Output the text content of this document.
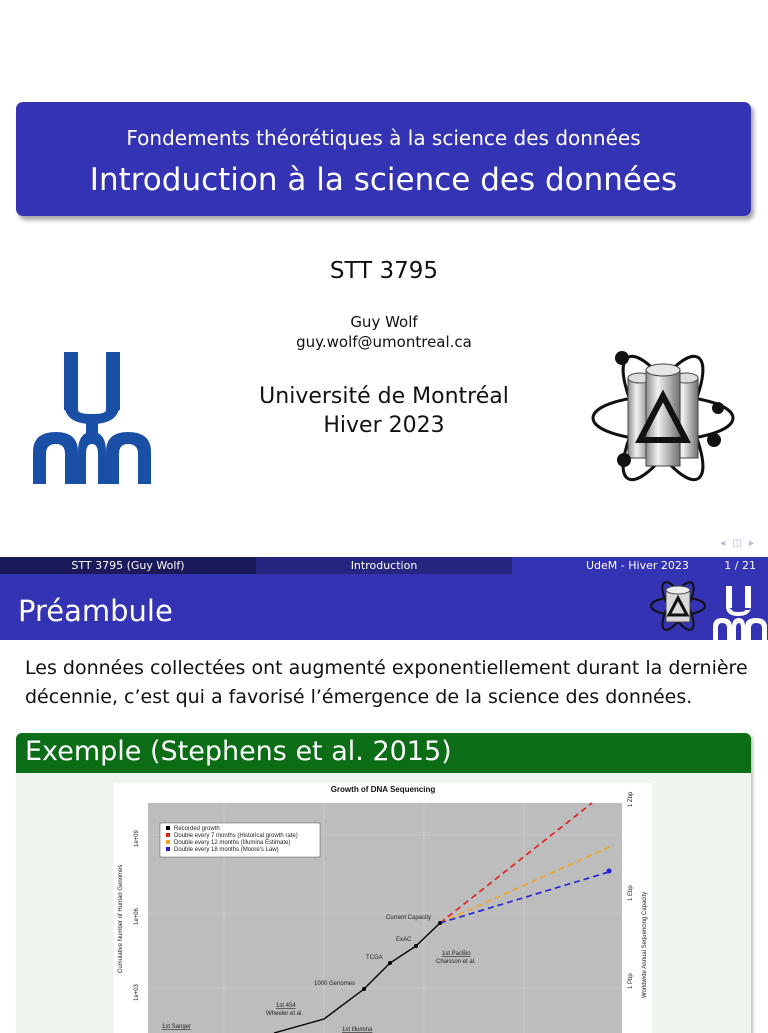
Fondements théorétiques à la science des données
Introduction à la science des données
STT 3795
Guy Wolf
guy.wolf@umontreal.ca
Université de Montréal
Hiver 2023
◂ ◫ ▸
STT 3795 (Guy Wolf)	Introduction	UdeM - Hiver 2023	1 / 21
Préambule
Les données collectées ont augmenté exponentiellement durant la dernière décennie, c’est qui a favorisé l’émergence de la science des données.
Exemple (Stephens et al. 2015)
Growth of DNA Sequencing
Recorded growth
Double every 7 months (Historical growth rate)
Double every 12 months (Illumina Estimate)
Double every 18 months (Moore's Law)
Cumulative Number of Human Genomes	Worldwide Annual Sequencing Capacity
1e+09
1e+06
1e+03
1 Zbp
1 Ebp
1 Pbp
Current Capacity
ExAC
1st PacBio
Chaisson et al.
TCGA
1000 Genomes
1st 454
Wheeler et al.
1st Sanger	1st Illumina
